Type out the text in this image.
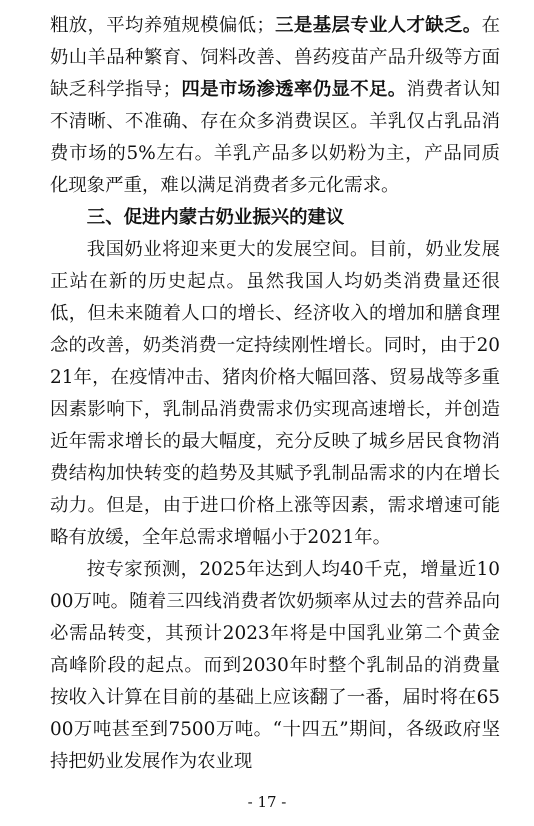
粗放，平均养殖规模偏低；三是基层专业人才缺乏。在奶山羊品种繁育、饲料改善、兽药疫苗产品升级等方面缺乏科学指导；四是市场渗透率仍显不足。消费者认知不清晰、不准确、存在众多消费误区。羊乳仅占乳品消费市场的5%左右。羊乳产品多以奶粉为主，产品同质化现象严重，难以满足消费者多元化需求。

三、促进内蒙古奶业振兴的建议

我国奶业将迎来更大的发展空间。目前，奶业发展正站在新的历史起点。虽然我国人均奶类消费量还很低，但未来随着人口的增长、经济收入的增加和膳食理念的改善，奶类消费一定持续刚性增长。同时，由于2021年，在疫情冲击、猪肉价格大幅回落、贸易战等多重因素影响下，乳制品消费需求仍实现高速增长，并创造近年需求增长的最大幅度，充分反映了城乡居民食物消费结构加快转变的趋势及其赋予乳制品需求的内在增长动力。但是，由于进口价格上涨等因素，需求增速可能略有放缓，全年总需求增幅小于2021年。

按专家预测，2025年达到人均40千克，增量近1000万吨。随着三四线消费者饮奶频率从过去的营养品向必需品转变，其预计2023年将是中国乳业第二个黄金高峰阶段的起点。而到2030年时整个乳制品的消费量按收入计算在目前的基础上应该翻了一番，届时将在6500万吨甚至到7500万吨。“十四五”期间，各级政府坚持把奶业发展作为农业现

- 17 -
